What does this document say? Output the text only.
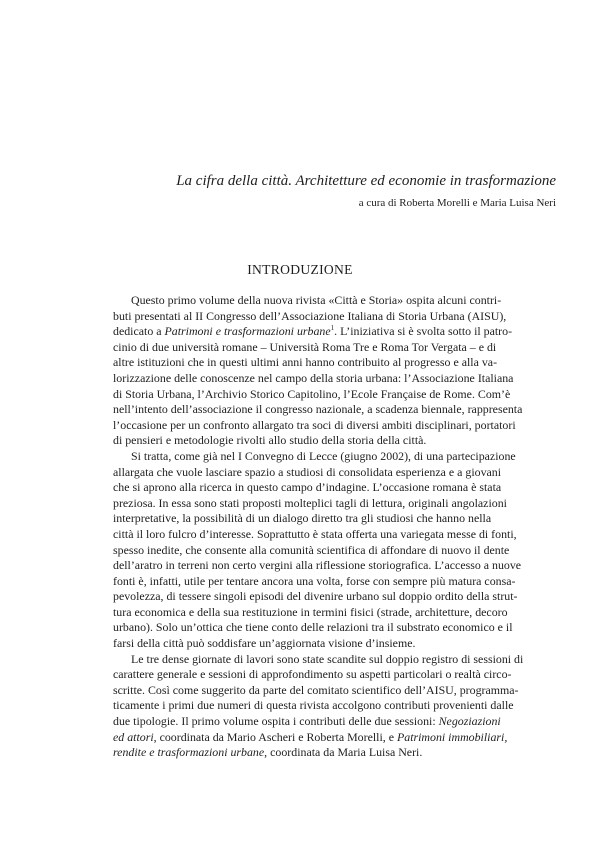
La cifra della città. Architetture ed economie in trasformazione
a cura di Roberta Morelli e Maria Luisa Neri
INTRODUZIONE

Questo primo volume della nuova rivista «Città e Storia» ospita alcuni contri-
buti presentati al II Congresso dell’Associazione Italiana di Storia Urbana (AISU),
dedicato a Patrimoni e trasformazioni urbane$^1$. L’iniziativa si è svolta sotto il patro-
cinio di due università romane – Università Roma Tre e Roma Tor Vergata – e di
altre istituzioni che in questi ultimi anni hanno contribuito al progresso e alla va-
lorizzazione delle conoscenze nel campo della storia urbana: l’Associazione Italiana
di Storia Urbana, l’Archivio Storico Capitolino, l’Ecole Française de Rome. Com’è
nell’intento dell’associazione il congresso nazionale, a scadenza biennale, rappresenta
l’occasione per un confronto allargato tra soci di diversi ambiti disciplinari, portatori
di pensieri e metodologie rivolti allo studio della storia della città.

Si tratta, come già nel I Convegno di Lecce (giugno 2002), di una partecipazione
allargata che vuole lasciare spazio a studiosi di consolidata esperienza e a giovani
che si aprono alla ricerca in questo campo d’indagine. L’occasione romana è stata
preziosa. In essa sono stati proposti molteplici tagli di lettura, originali angolazioni
interpretative, la possibilità di un dialogo diretto tra gli studiosi che hanno nella
città il loro fulcro d’interesse. Soprattutto è stata offerta una variegata messe di fonti,
spesso inedite, che consente alla comunità scientifica di affondare di nuovo il dente
dell’aratro in terreni non certo vergini alla riflessione storiografica. L’accesso a nuove
fonti è, infatti, utile per tentare ancora una volta, forse con sempre più matura consa-
pevolezza, di tessere singoli episodi del divenire urbano sul doppio ordito della strut-
tura economica e della sua restituzione in termini fisici (strade, architetture, decoro
urbano). Solo un’ottica che tiene conto delle relazioni tra il substrato economico e il
farsi della città può soddisfare un’aggiornata visione d’insieme.

Le tre dense giornate di lavori sono state scandite sul doppio registro di sessioni di
carattere generale e sessioni di approfondimento su aspetti particolari o realtà circo-
scritte. Così come suggerito da parte del comitato scientifico dell’AISU, programma-
ticamente i primi due numeri di questa rivista accolgono contributi provenienti dalle
due tipologie. Il primo volume ospita i contributi delle due sessioni: Negoziazioni
ed attori, coordinata da Mario Ascheri e Roberta Morelli, e Patrimoni immobiliari,
rendite e trasformazioni urbane, coordinata da Maria Luisa Neri.
